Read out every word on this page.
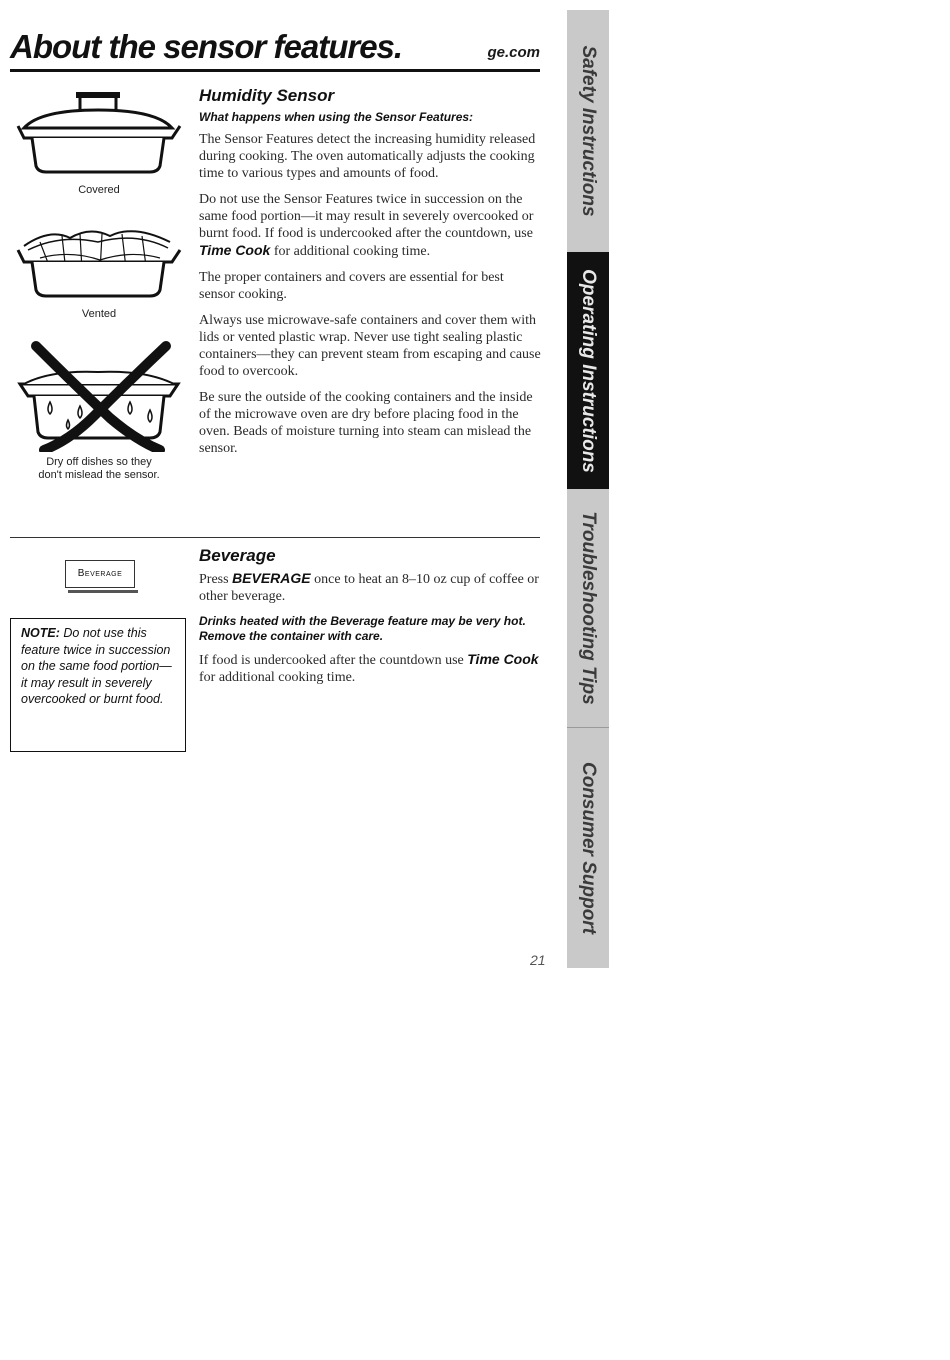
About the sensor features.	ge.com
Covered
Vented
Dry off dishes so they
don't mislead the sensor.
Humidity Sensor
What happens when using the Sensor Features:

The Sensor Features detect the increasing humidity released during cooking. The oven automatically adjusts the cooking time to various types and amounts of food.

Do not use the Sensor Features twice in succession on the same food portion—it may result in severely overcooked or burnt food. If food is undercooked after the countdown, use Time Cook for additional cooking time.

The proper containers and covers are essential for best sensor cooking.

Always use microwave-safe containers and cover them with lids or vented plastic wrap. Never use tight sealing plastic containers—they can prevent steam from escaping and cause food to overcook.

Be sure the outside of the cooking containers and the inside of the microwave oven are dry before placing food in the oven. Beads of moisture turning into steam can mislead the sensor.

Beverage
NOTE: Do not use this feature twice in succession on the same food portion—it may result in severely overcooked or burnt food.
Beverage

Press BEVERAGE once to heat an 8–10 oz cup of coffee or other beverage.

Drinks heated with the Beverage feature may be very hot. Remove the container with care.

If food is undercooked after the countdown use Time Cook for additional cooking time.

Safety Instructions
Operating Instructions
Troubleshooting Tips
Consumer Support
21
